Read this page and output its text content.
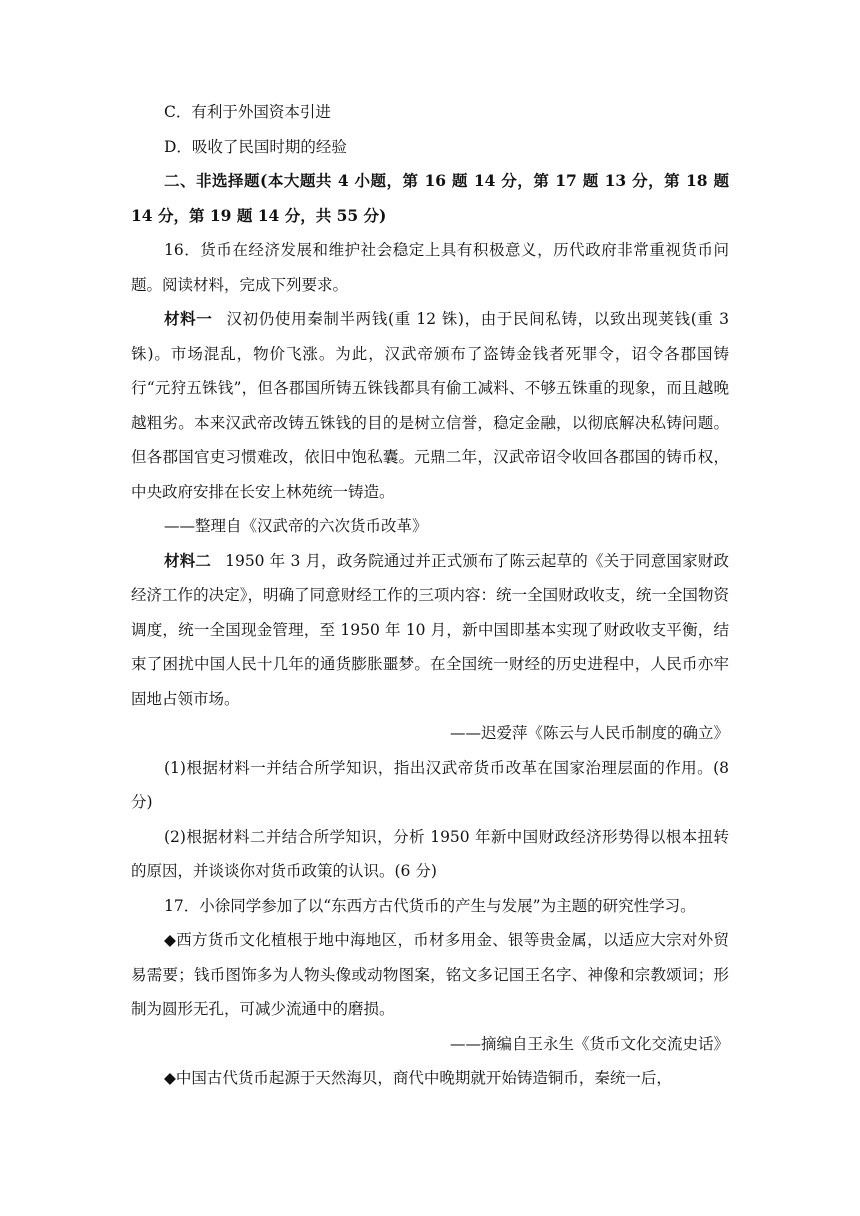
C．有利于外国资本引进

D．吸收了民国时期的经验

二、非选择题(本大题共 4 小题，第 16 题 14 分，第 17 题 13 分，第 18 题 14 分，第 19 题 14 分，共 55 分)

16．货币在经济发展和维护社会稳定上具有积极意义，历代政府非常重视货币问题。阅读材料，完成下列要求。

材料一 汉初仍使用秦制半两钱(重 12 铢)，由于民间私铸，以致出现荚钱(重 3 铢)。市场混乱，物价飞涨。为此，汉武帝颁布了盗铸金钱者死罪令，诏令各郡国铸行“元狩五铢钱”，但各郡国所铸五铢钱都具有偷工减料、不够五铢重的现象，而且越晚越粗劣。本来汉武帝改铸五铢钱的目的是树立信誉，稳定金融，以彻底解决私铸问题。但各郡国官吏习惯难改，依旧中饱私囊。元鼎二年，汉武帝诏令收回各郡国的铸币权，中央政府安排在长安上林苑统一铸造。

——整理自《汉武帝的六次货币改革》

材料二 1950 年 3 月，政务院通过并正式颁布了陈云起草的《关于同意国家财政经济工作的决定》，明确了同意财经工作的三项内容：统一全国财政收支，统一全国物资调度，统一全国现金管理，至 1950 年 10 月，新中国即基本实现了财政收支平衡，结束了困扰中国人民十几年的通货膨胀噩梦。在全国统一财经的历史进程中，人民币亦牢固地占领市场。

——迟爱萍《陈云与人民币制度的确立》

(1)根据材料一并结合所学知识，指出汉武帝货币改革在国家治理层面的作用。(8 分)

(2)根据材料二并结合所学知识，分析 1950 年新中国财政经济形势得以根本扭转的原因，并谈谈你对货币政策的认识。(6 分)

17．小徐同学参加了以“东西方古代货币的产生与发展”为主题的研究性学习。

◆西方货币文化植根于地中海地区，币材多用金、银等贵金属，以适应大宗对外贸易需要；钱币图饰多为人物头像或动物图案，铭文多记国王名字、神像和宗教颂词；形制为圆形无孔，可减少流通中的磨损。

——摘编自王永生《货币文化交流史话》

◆中国古代货币起源于天然海贝，商代中晚期就开始铸造铜币，秦统一后，
